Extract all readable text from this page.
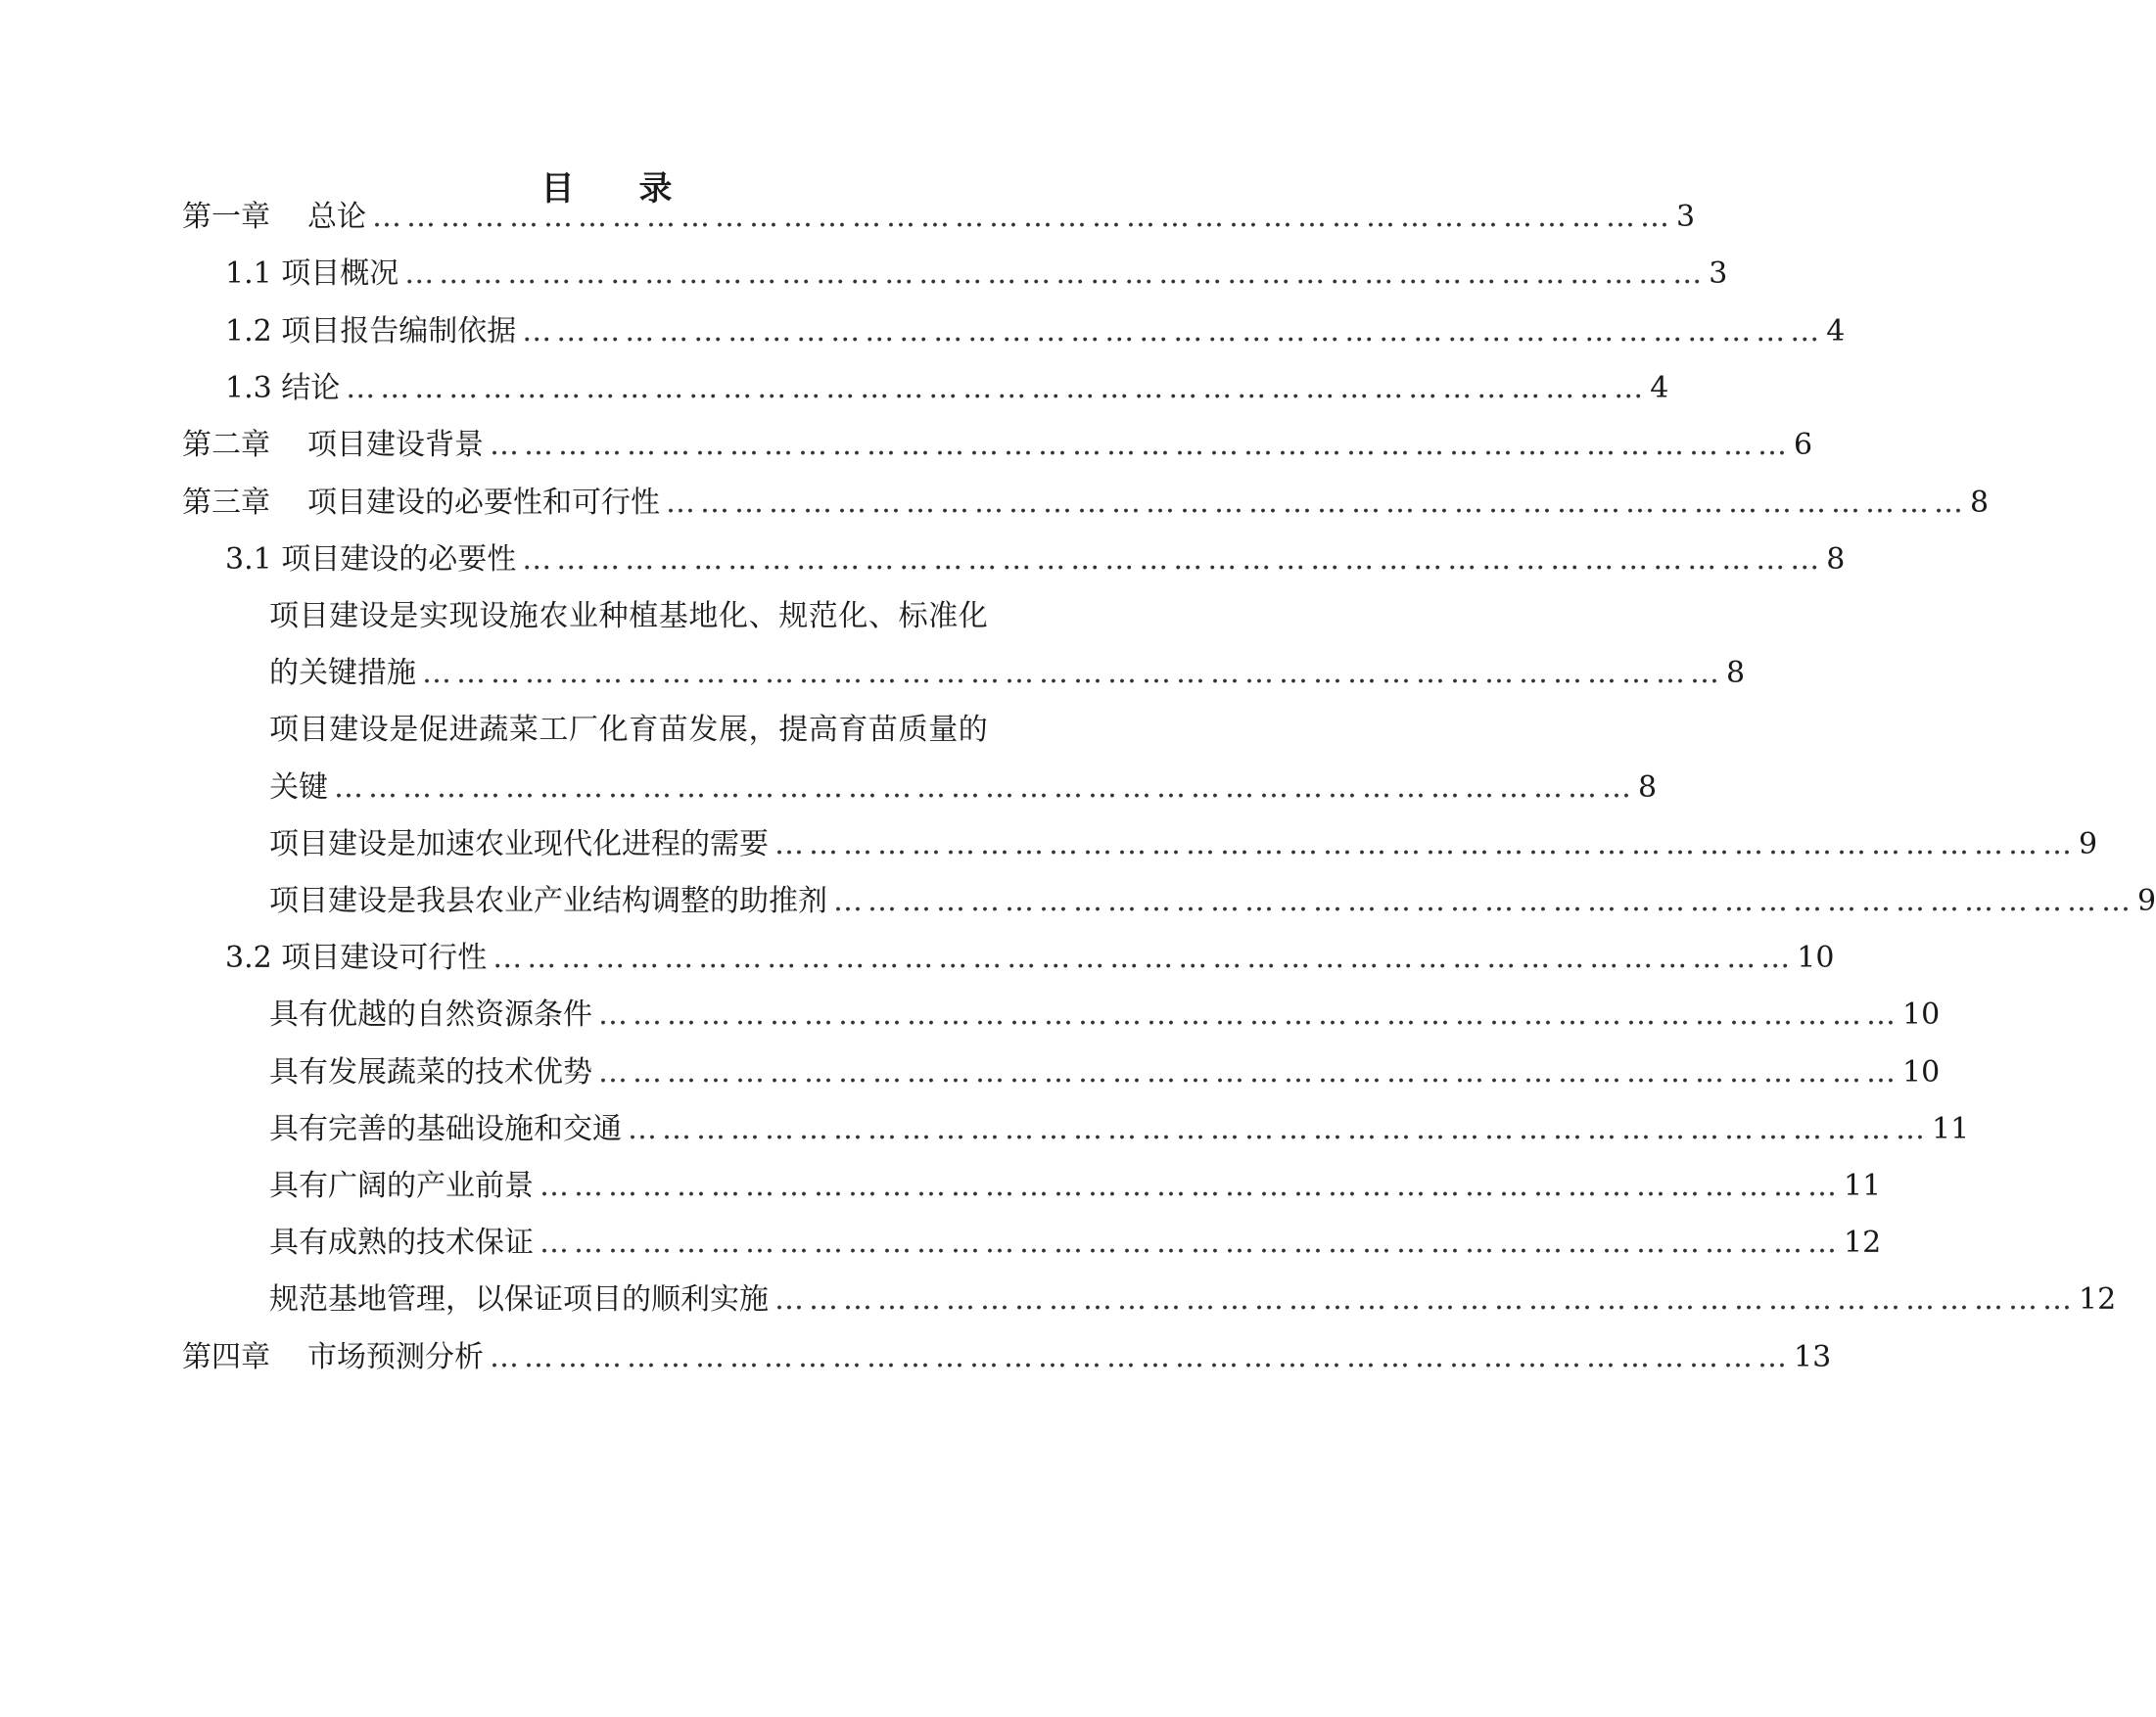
目 录
第一章 总论 …………………………………………………………………………………………………… 3
1.1 项目概况 …………………………………………………………………………………………………… 3
1.2 项目报告编制依据 …………………………………………………………………………………………………… 4
1.3 结论 …………………………………………………………………………………………………… 4
第二章 项目建设背景 …………………………………………………………………………………………………… 6
第三章 项目建设的必要性和可行性 …………………………………………………………………………………………………… 8
3.1 项目建设的必要性 …………………………………………………………………………………………………… 8
项目建设是实现设施农业种植基地化、规范化、标准化
的关键措施 …………………………………………………………………………………………………… 8
项目建设是促进蔬菜工厂化育苗发展，提高育苗质量的
关键 …………………………………………………………………………………………………… 8
项目建设是加速农业现代化进程的需要 …………………………………………………………………………………………………… 9
项目建设是我县农业产业结构调整的助推剂 …………………………………………………………………………………………………… 9
3.2 项目建设可行性 …………………………………………………………………………………………………… 10
具有优越的自然资源条件 …………………………………………………………………………………………………… 10
具有发展蔬菜的技术优势 …………………………………………………………………………………………………… 10
具有完善的基础设施和交通 …………………………………………………………………………………………………… 11
具有广阔的产业前景 …………………………………………………………………………………………………… 11
具有成熟的技术保证 …………………………………………………………………………………………………… 12
规范基地管理，以保证项目的顺利实施 …………………………………………………………………………………………………… 12
第四章 市场预测分析 …………………………………………………………………………………………………… 13
